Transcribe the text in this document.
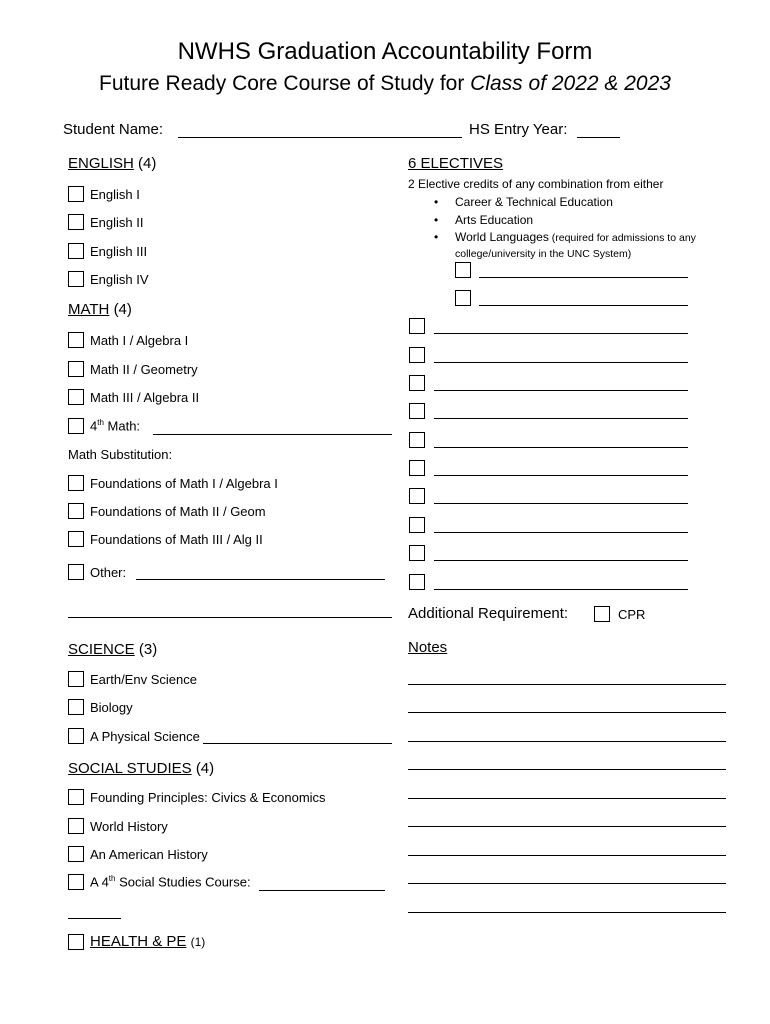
NWHS Graduation Accountability Form
Future Ready Core Course of Study for Class of 2022 & 2023
Student Name:	HS Entry Year:
ENGLISH (4)
English I
English II
English III
English IV
MATH (4)
Math I / Algebra I
Math II / Geometry
Math III / Algebra II
4th Math:
Math Substitution:
Foundations of Math I / Algebra I
Foundations of Math II / Geom
Foundations of Math III / Alg II
Other:
SCIENCE (3)
Earth/Env Science
Biology
A Physical Science
SOCIAL STUDIES (4)
Founding Principles: Civics & Economics
World History
An American History
A 4th Social Studies Course:
HEALTH & PE
(1)
6 ELECTIVES
2 Elective credits of any combination from either
• Career & Technical Education
• Arts Education
• World Languages (required for admissions to any
college/university in the UNC System)
Additional Requirement:	CPR
Notes
